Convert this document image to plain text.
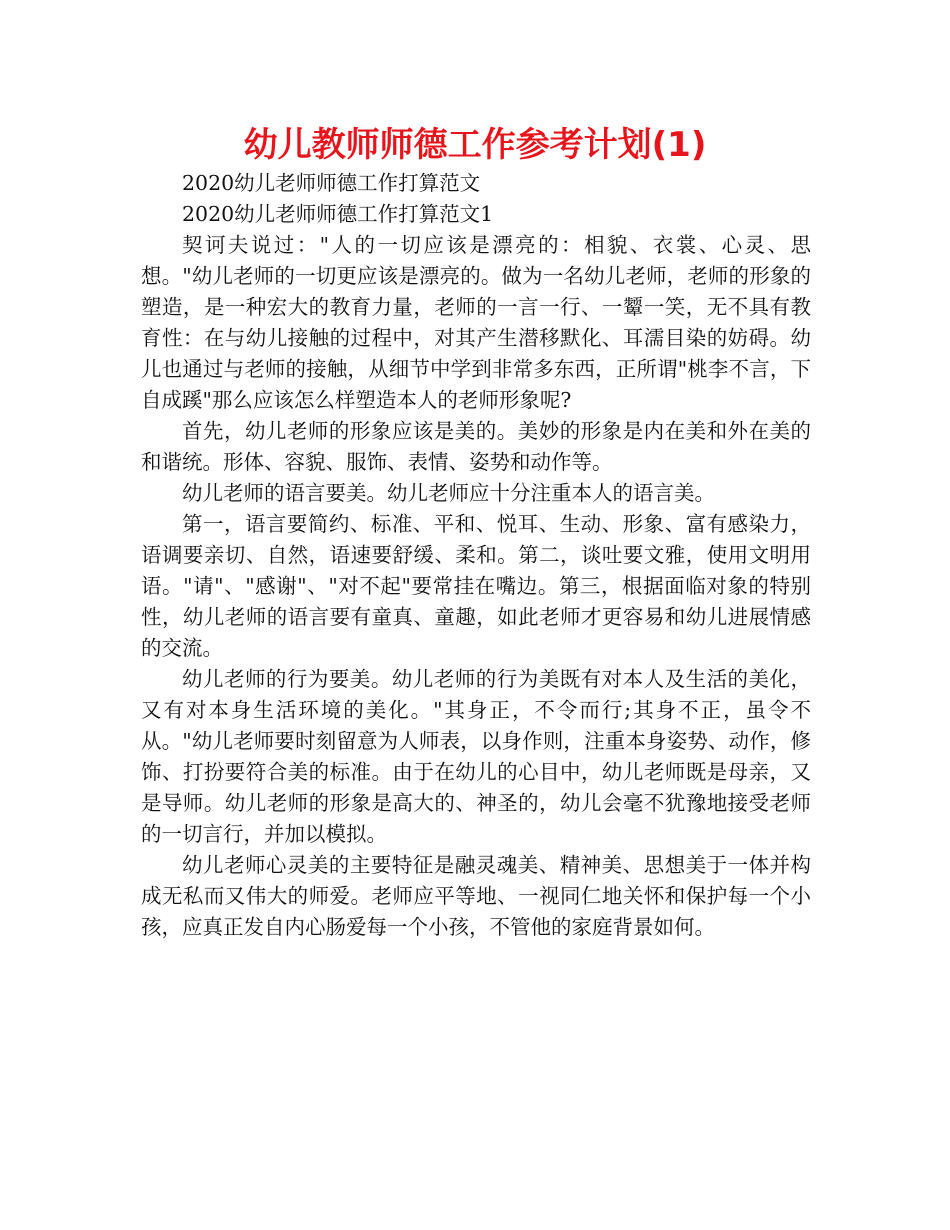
幼儿教师师德工作参考计划(1)

2020幼儿老师师德工作打算范文

2020幼儿老师师德工作打算范文1

契诃夫说过："人的一切应该是漂亮的：相貌、衣裳、心灵、思想。"幼儿老师的一切更应该是漂亮的。做为一名幼儿老师，老师的形象的塑造，是一种宏大的教育力量，老师的一言一行、一颦一笑，无不具有教育性：在与幼儿接触的过程中，对其产生潜移默化、耳濡目染的妨碍。幼儿也通过与老师的接触，从细节中学到非常多东西，正所谓"桃李不言，下自成蹊"那么应该怎么样塑造本人的老师形象呢?

首先，幼儿老师的形象应该是美的。美妙的形象是内在美和外在美的和谐统。形体、容貌、服饰、表情、姿势和动作等。

幼儿老师的语言要美。幼儿老师应十分注重本人的语言美。

第一，语言要简约、标准、平和、悦耳、生动、形象、富有感染力，语调要亲切、自然，语速要舒缓、柔和。第二，谈吐要文雅，使用文明用语。"请"、"感谢"、"对不起"要常挂在嘴边。第三，根据面临对象的特别性，幼儿老师的语言要有童真、童趣，如此老师才更容易和幼儿进展情感的交流。

幼儿老师的行为要美。幼儿老师的行为美既有对本人及生活的美化，又有对本身生活环境的美化。"其身正，不令而行;其身不正，虽令不从。"幼儿老师要时刻留意为人师表，以身作则，注重本身姿势、动作，修饰、打扮要符合美的标准。由于在幼儿的心目中，幼儿老师既是母亲，又是导师。幼儿老师的形象是高大的、神圣的，幼儿会毫不犹豫地接受老师的一切言行，并加以模拟。

幼儿老师心灵美的主要特征是融灵魂美、精神美、思想美于一体并构成无私而又伟大的师爱。老师应平等地、一视同仁地关怀和保护每一个小孩，应真正发自内心肠爱每一个小孩，不管他的家庭背景如何。
